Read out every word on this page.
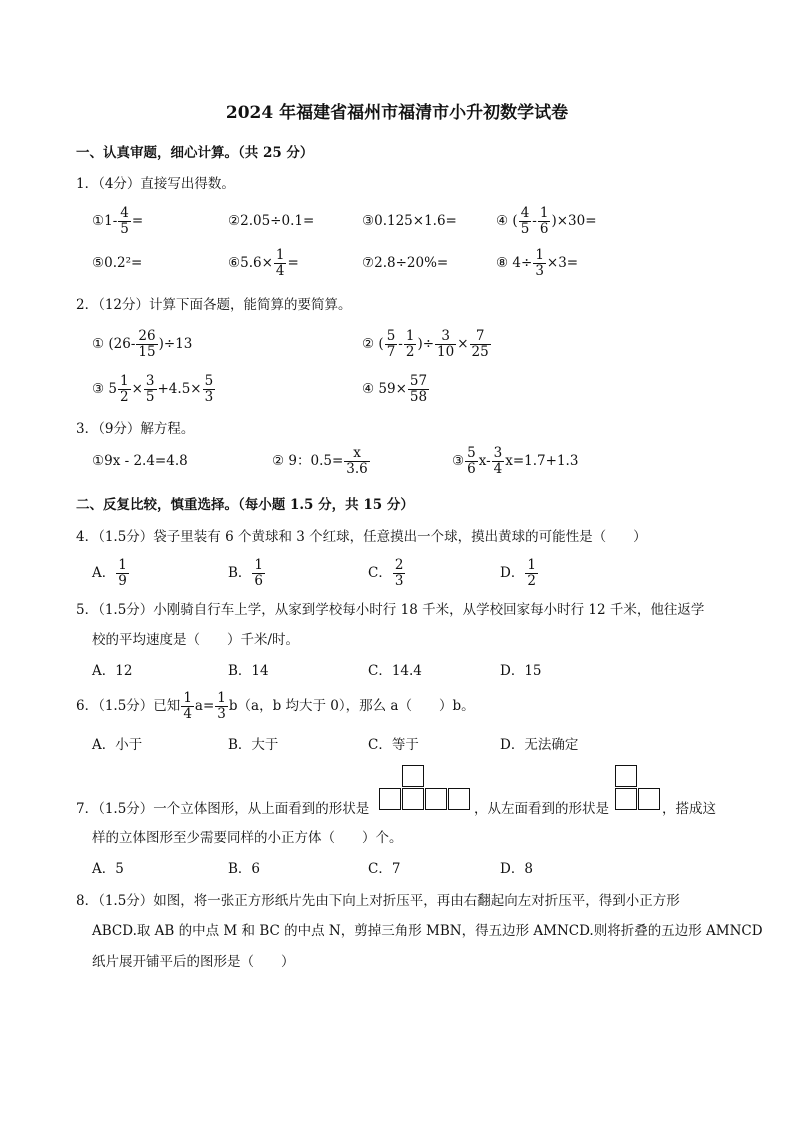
2024 年福建省福州市福清市小升初数学试卷
一、认真审题，细心计算。（共 25 分）
1．（4分）直接写出得数。
①1- $\frac{4}{5}$ =	②2.05÷0.1=	③0.125×1.6=	④ ( $\frac{4}{5} - \frac{1}{6} )\times 30=$
⑤0.2²=	⑥5.6× $\frac{1}{4}$ =	⑦2.8÷20%=	⑧ $4\div \frac{1}{3} \times 3=$
2．（12分）计算下面各题，能简算的要简算。
① $(26- \frac{26}{15} )\div 13$	② ( $\frac{5}{7} - \frac{1}{2}$ )÷ $\frac{3}{10} \times \frac{7}{25}$
③ $5 \frac{1}{2} \times \frac{3}{5} +4.5\times \frac{5}{3}$	④ $59\times \frac{57}{58}$
3．（9分）解方程。
①9x - 2.4=4.8	② 9：$0.5= \frac{x}{3.6}$	③ $\frac{5}{6} x- \frac{3}{4} x=1.7+1.3$
二、反复比较，慎重选择。（每小题 1.5 分，共 15 分）
4．（1.5分）袋子里装有 6 个黄球和 3 个红球，任意摸出一个球，摸出黄球的可能性是（　　）
A． $\frac{1}{9}$	B． $\frac{1}{6}$	C． $\frac{2}{3}$	D． $\frac{1}{2}$
5．（1.5分）小刚骑自行车上学，从家到学校每小时行 18 千米，从学校回家每小时行 12 千米，他往返学
校的平均速度是（　　）千米/时。
A．12	B．14	C．14.4	D．15
6．（1.5分）已知 $\frac{1}{4} a= \frac{1}{3} b(a$，b 均大于 0），那么 a（　　）b。
A．小于	B．大于	C．等于	D．无法确定
7．（1.5分）一个立体图形，从上面看到的形状是	，从左面看到的形状是	，搭成这
样的立体图形至少需要同样的小正方体（　　）个。
A．5	B．6	C．7	D．8
8．（1.5分）如图，将一张正方形纸片先由下向上对折压平，再由右翻起向左对折压平，得到小正方形
ABCD.取 AB 的中点 M 和 BC 的中点 N，剪掉三角形 MBN，得五边形 AMNCD.则将折叠的五边形 AMNCD
纸片展开铺平后的图形是（　　）
